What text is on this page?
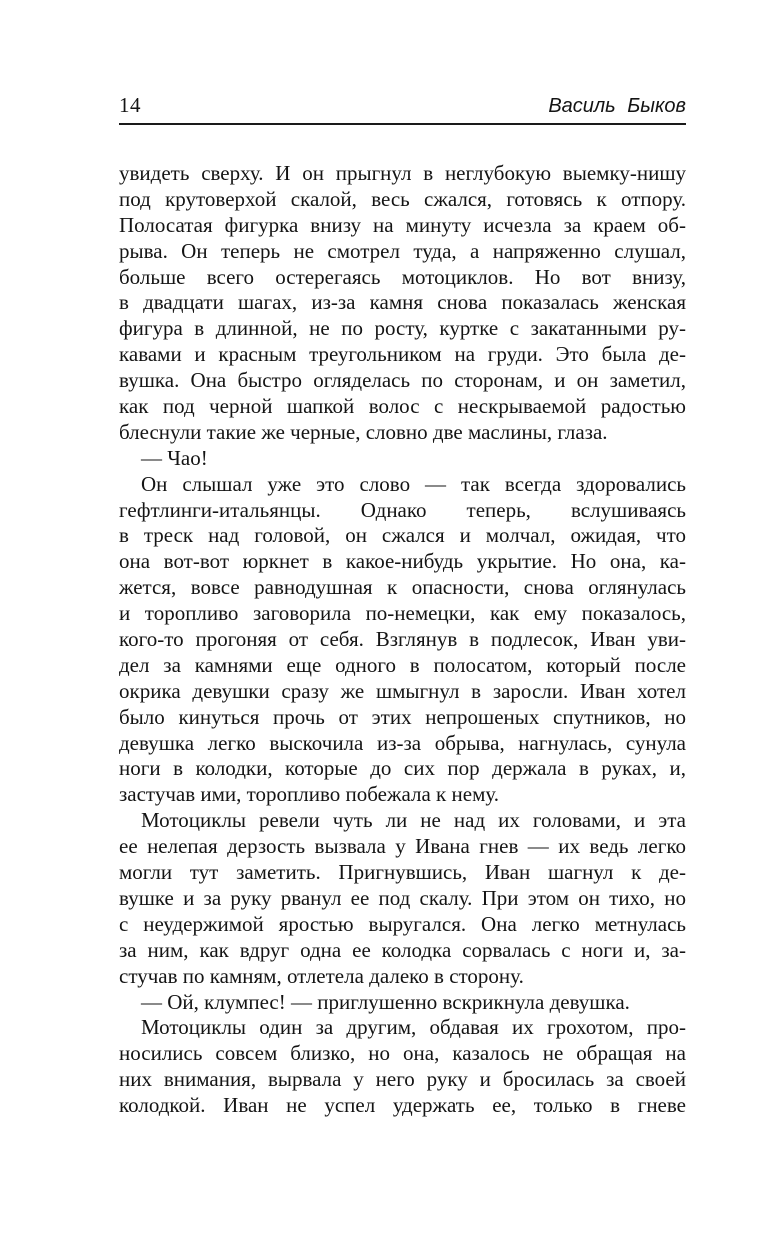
14	Василь Быков
увидеть сверху. И он прыгнул в неглубокую выемку-нишу
под крутоверхой скалой, весь сжался, готовясь к отпору.
Полосатая фигурка внизу на минуту исчезла за краем об-
рыва. Он теперь не смотрел туда, а напряженно слушал,
больше всего остерегаясь мотоциклов. Но вот внизу,
в двадцати шагах, из-за камня снова показалась женская
фигура в длинной, не по росту, куртке с закатанными ру-
кавами и красным треугольником на груди. Это была де-
вушка. Она быстро огляделась по сторонам, и он заметил,
как под черной шапкой волос с нескрываемой радостью
блеснули такие же черные, словно две маслины, глаза.
— Чао!
Он слышал уже это слово — так всегда здоровались
гефтлинги-итальянцы. Однако теперь, вслушиваясь
в треск над головой, он сжался и молчал, ожидая, что
она вот-вот юркнет в какое-нибудь укрытие. Но она, ка-
жется, вовсе равнодушная к опасности, снова оглянулась
и торопливо заговорила по-немецки, как ему показалось,
кого-то прогоняя от себя. Взглянув в подлесок, Иван уви-
дел за камнями еще одного в полосатом, который после
окрика девушки сразу же шмыгнул в заросли. Иван хотел
было кинуться прочь от этих непрошеных спутников, но
девушка легко выскочила из-за обрыва, нагнулась, сунула
ноги в колодки, которые до сих пор держала в руках, и,
застучав ими, торопливо побежала к нему.
Мотоциклы ревели чуть ли не над их головами, и эта
ее нелепая дерзость вызвала у Ивана гнев — их ведь легко
могли тут заметить. Пригнувшись, Иван шагнул к де-
вушке и за руку рванул ее под скалу. При этом он тихо, но
с неудержимой яростью выругался. Она легко метнулась
за ним, как вдруг одна ее колодка сорвалась с ноги и, за-
стучав по камням, отлетела далеко в сторону.
— Ой, клумпес! — приглушенно вскрикнула девушка.
Мотоциклы один за другим, обдавая их грохотом, про-
носились совсем близко, но она, казалось не обращая на
них внимания, вырвала у него руку и бросилась за своей
колодкой. Иван не успел удержать ее, только в гневе
